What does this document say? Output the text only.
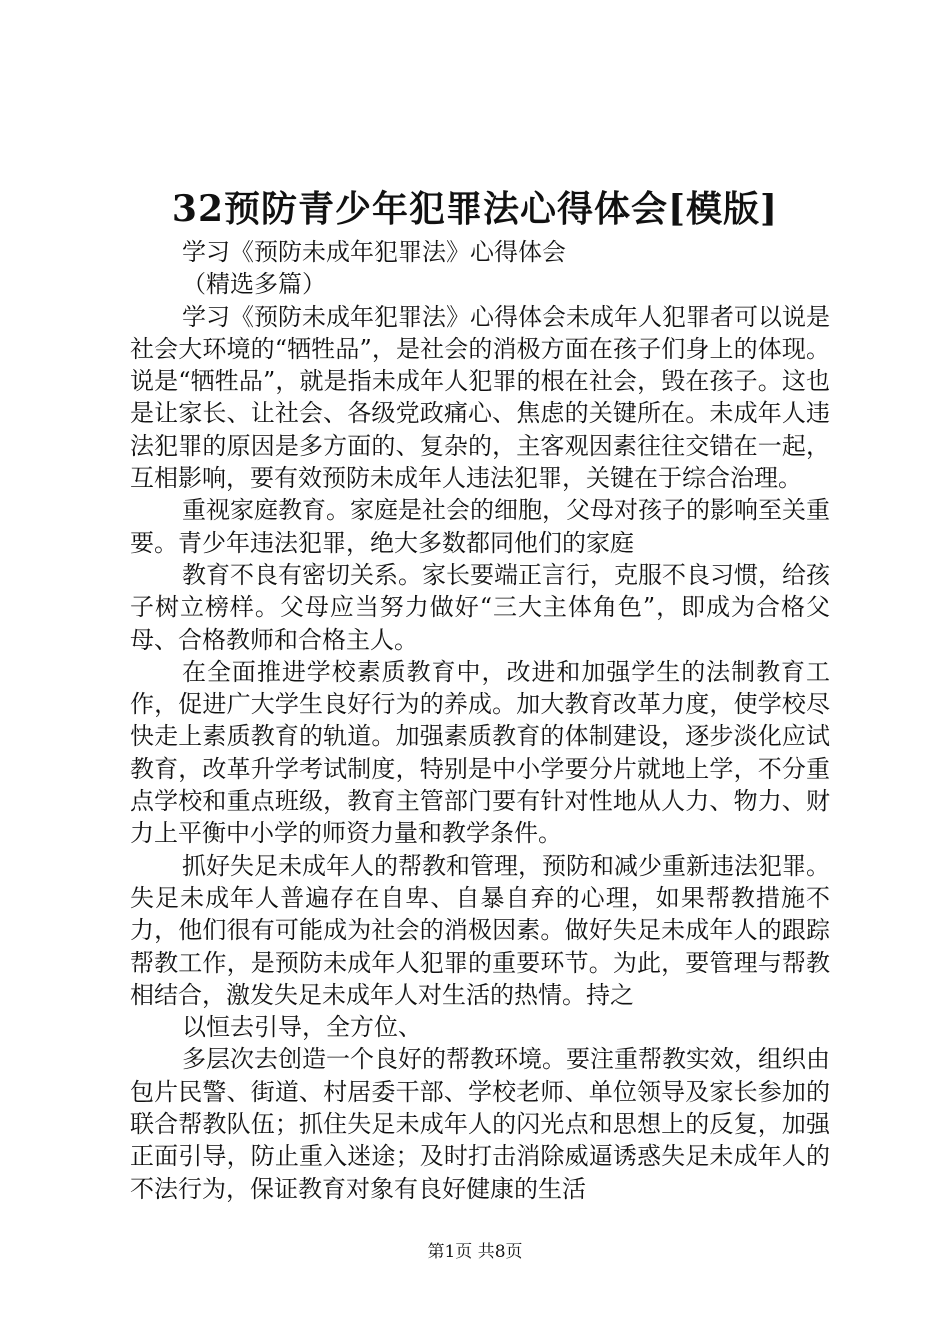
32预防青少年犯罪法心得体会[模版]

学习《预防未成年犯罪法》心得体会

（精选多篇）

学习《预防未成年犯罪法》心得体会未成年人犯罪者可以说是社会大环境的“牺牲品”，是社会的消极方面在孩子们身上的体现。说是“牺牲品”，就是指未成年人犯罪的根在社会，毁在孩子。这也是让家长、让社会、各级党政痛心、焦虑的关键所在。未成年人违法犯罪的原因是多方面的、复杂的，主客观因素往往交错在一起，互相影响，要有效预防未成年人违法犯罪，关键在于综合治理。

重视家庭教育。家庭是社会的细胞，父母对孩子的影响至关重要。青少年违法犯罪，绝大多数都同他们的家庭

教育不良有密切关系。家长要端正言行，克服不良习惯，给孩子树立榜样。父母应当努力做好“三大主体角色”，即成为合格父母、合格教师和合格主人。

在全面推进学校素质教育中，改进和加强学生的法制教育工作，促进广大学生良好行为的养成。加大教育改革力度，使学校尽快走上素质教育的轨道。加强素质教育的体制建设，逐步淡化应试教育，改革升学考试制度，特别是中小学要分片就地上学，不分重点学校和重点班级，教育主管部门要有针对性地从人力、物力、财力上平衡中小学的师资力量和教学条件。

抓好失足未成年人的帮教和管理，预防和减少重新违法犯罪。失足未成年人普遍存在自卑、自暴自弃的心理，如果帮教措施不力，他们很有可能成为社会的消极因素。做好失足未成年人的跟踪帮教工作，是预防未成年人犯罪的重要环节。为此，要管理与帮教相结合，激发失足未成年人对生活的热情。持之

以恒去引导，全方位、

多层次去创造一个良好的帮教环境。要注重帮教实效，组织由包片民警、街道、村居委干部、学校老师、单位领导及家长参加的联合帮教队伍；抓住失足未成年人的闪光点和思想上的反复，加强正面引导，防止重入迷途；及时打击消除威逼诱惑失足未成年人的不法行为，保证教育对象有良好健康的生活

第1页 共8页
